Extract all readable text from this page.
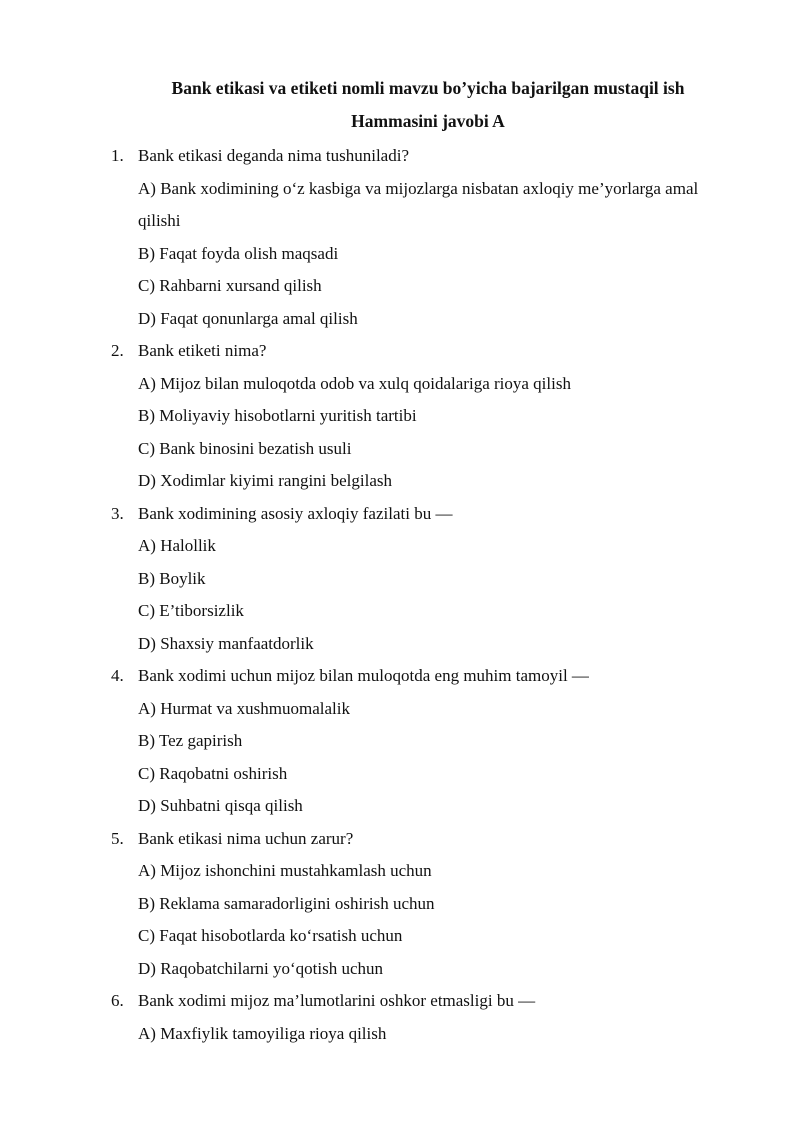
Bank etikasi va etiketi nomli mavzu bo’yicha bajarilgan mustaqil ish
Hammasini javobi A
1. Bank etikasi deganda nima tushuniladi?
A) Bank xodimining o‘z kasbiga va mijozlarga nisbatan axloqiy me’yorlarga amal qilishi
B) Faqat foyda olish maqsadi
C) Rahbarni xursand qilish
D) Faqat qonunlarga amal qilish
2. Bank etiketi nima?
A) Mijoz bilan muloqotda odob va xulq qoidalariga rioya qilish
B) Moliyaviy hisobotlarni yuritish tartibi
C) Bank binosini bezatish usuli
D) Xodimlar kiyimi rangini belgilash
3. Bank xodimining asosiy axloqiy fazilati bu —
A) Halollik
B) Boylik
C) E’tiborsizlik
D) Shaxsiy manfaatdorlik
4. Bank xodimi uchun mijoz bilan muloqotda eng muhim tamoyil —
A) Hurmat va xushmuomalalik
B) Tez gapirish
C) Raqobatni oshirish
D) Suhbatni qisqa qilish
5. Bank etikasi nima uchun zarur?
A) Mijoz ishonchini mustahkamlash uchun
B) Reklama samaradorligini oshirish uchun
C) Faqat hisobotlarda ko‘rsatish uchun
D) Raqobatchilarni yo‘qotish uchun
6. Bank xodimi mijoz ma’lumotlarini oshkor etmasligi bu —
A) Maxfiylik tamoyiliga rioya qilish
